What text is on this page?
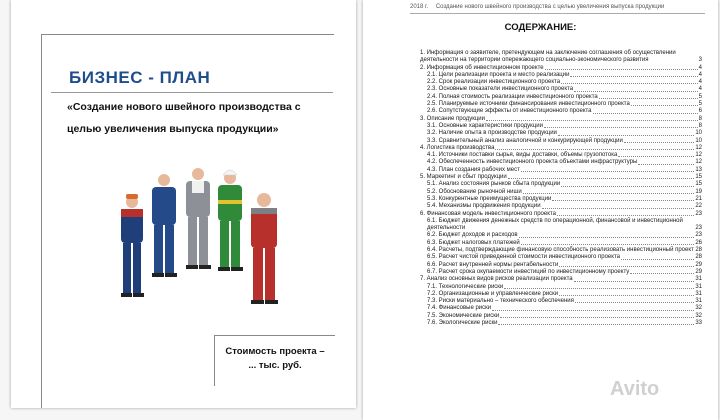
БИЗНЕС - ПЛАН
«Создание нового швейного производства с целью увеличения выпуска продукции»
Стоимость проекта –
... тыс. руб.
2018 г. Создание нового швейного производства с целью увеличения выпуска продукции
СОДЕРЖАНИЕ:
1. Информация о заявителе, претендующем на заключение соглашения об осуществлении деятельности на территории опережающего социально-экономического развития	3
2. Информация об инвестиционном проекте	4
2.1. Цели реализации проекта и место реализации	4
2.2. Срок реализации инвестиционного проекта	4
2.3. Основные показатели инвестиционного проекта	4
2.4. Полная стоимость реализации инвестиционного проекта	5
2.5. Планируемые источники финансирования инвестиционного проекта	5
2.6. Сопутствующие эффекты от инвестиционного проекта	6
3. Описание продукции	8
3.1. Основные характеристики продукции	8
3.2. Наличие опыта в производстве продукции	10
3.3. Сравнительный анализ аналогичной и конкурирующей продукции	10
4. Логистика производства	12
4.1. Источники поставки сырья, виды доставки, объемы грузопотока	12
4.2. Обеспеченность инвестиционного проекта объектами инфраструктуры	12
4.3. План создания рабочих мест	13
5. Маркетинг и сбыт продукции	15
5.1. Анализ состояния рынков сбыта продукции	15
5.2. Обоснование рыночной ниши	19
5.3. Конкурентные преимущества продукции	21
5.4. Механизмы продвижения продукции	22
6. Финансовая модель инвестиционного проекта	23
6.1. Бюджет движения денежных средств по операционной, финансовой и инвестиционной деятельности	23
6.2. Бюджет доходов и расходов	23
6.3. Бюджет налоговых платежей	26
6.4. Расчеты, подтверждающие финансовую способность реализовать инвестиционный проект 28
6.5. Расчет чистой приведенной стоимости инвестиционного проекта	28
6.6. Расчет внутренней нормы рентабельности	29
6.7. Расчет срока окупаемости инвестиций по инвестиционному проекту	29
7. Анализ основных видов рисков реализации проекта	31
7.1. Технологические риски	31
7.2. Организационные и управленческие риски	31
7.3. Риски материально – технического обеспечения	31
7.4. Финансовые риски	32
7.5. Экономические риски	32
7.6. Экологические риски	33
Avito
